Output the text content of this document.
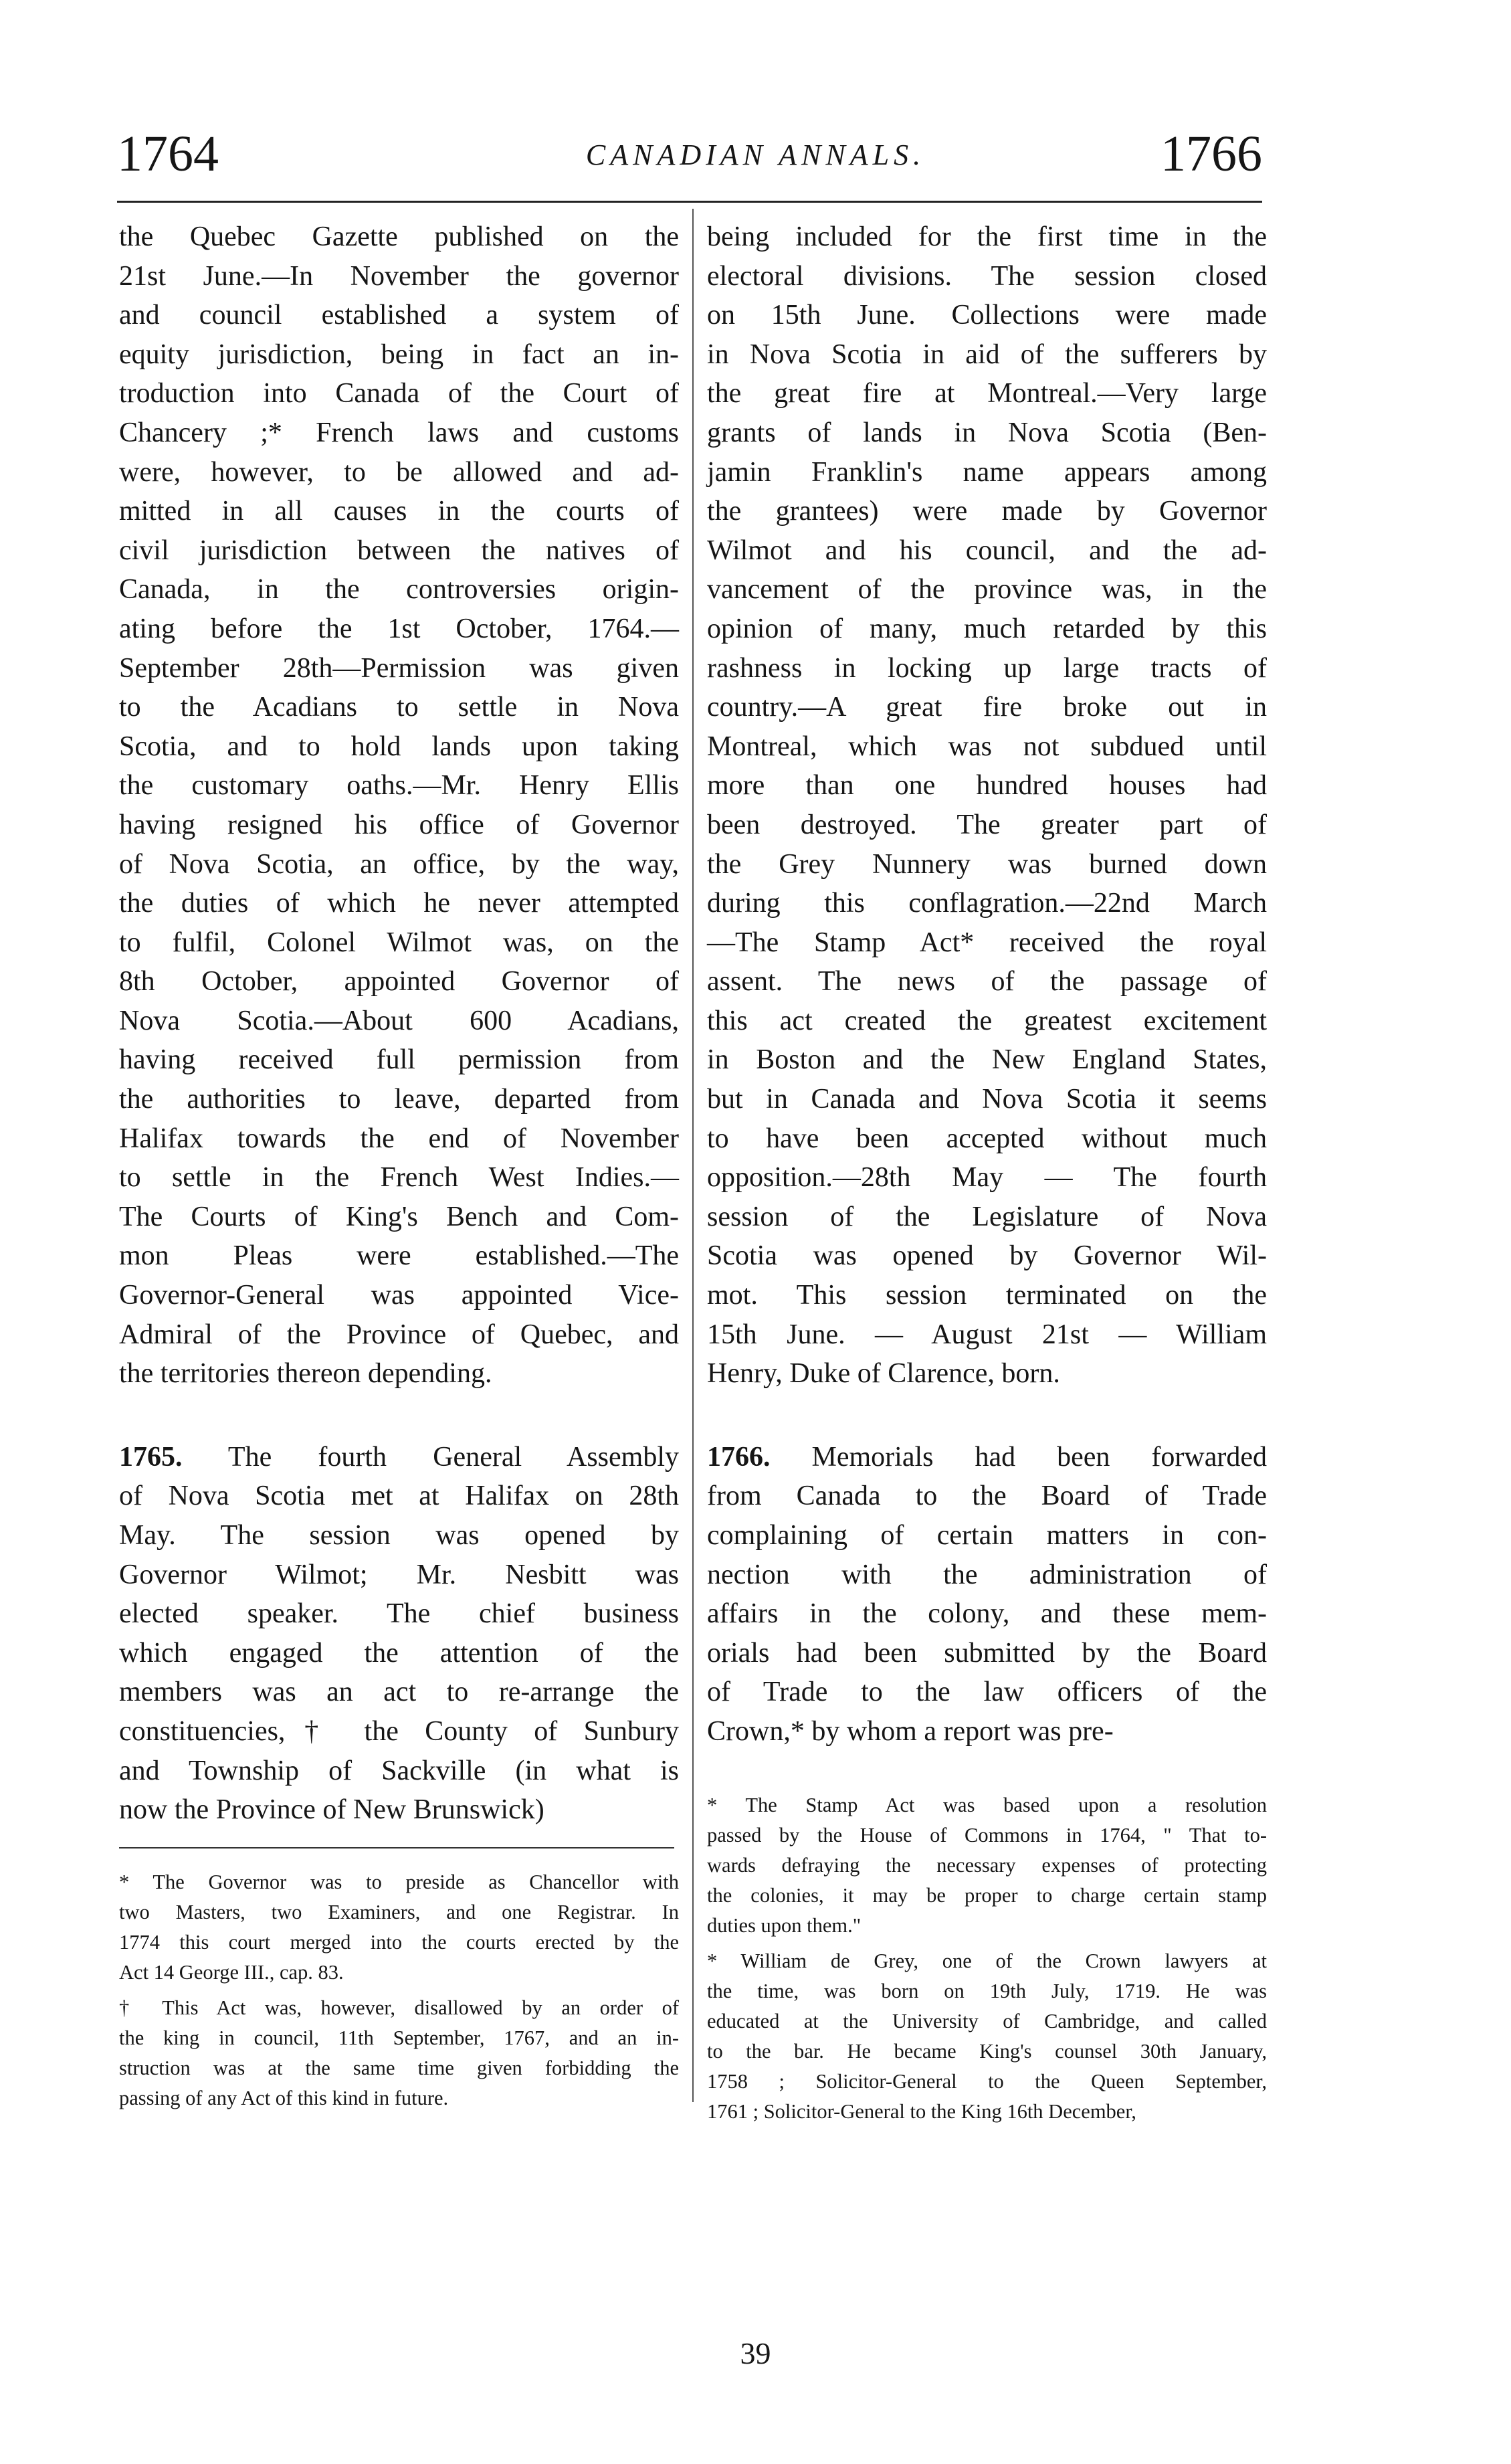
1764	CANADIAN ANNALS.	1766

the Quebec Gazette published on the
21st June.—In November the governor
and council established a system of
equity jurisdiction, being in fact an in-
troduction into Canada of the Court of
Chancery ;* French laws and customs
were, however, to be allowed and ad-
mitted in all causes in the courts of
civil jurisdiction between the natives of
Canada, in the controversies origin-
ating before the 1st October, 1764.—
September 28th—Permission was given
to the Acadians to settle in Nova
Scotia, and to hold lands upon taking
the customary oaths.—Mr. Henry Ellis
having resigned his office of Governor
of Nova Scotia, an office, by the way,
the duties of which he never attempted
to fulfil, Colonel Wilmot was, on the
8th October, appointed Governor of
Nova Scotia.—About 600 Acadians,
having received full permission from
the authorities to leave, departed from
Halifax towards the end of November
to settle in the French West Indies.—
The Courts of King's Bench and Com-
mon Pleas were established.—The
Governor-General was appointed Vice-
Admiral of the Province of Quebec, and
the territories thereon depending.

1765. The fourth General Assembly
of Nova Scotia met at Halifax on 28th
May. The session was opened by
Governor Wilmot; Mr. Nesbitt was
elected speaker. The chief business
which engaged the attention of the
members was an act to re-arrange the
constituencies,† the County of Sunbury
and Township of Sackville (in what is
now the Province of New Brunswick)

* The Governor was to preside as Chancellor with
two Masters, two Examiners, and one Registrar. In
1774 this court merged into the courts erected by the
Act 14 George III., cap. 83.

† This Act was, however, disallowed by an order of
the king in council, 11th September, 1767, and an in-
struction was at the same time given forbidding the
passing of any Act of this kind in future.

being included for the first time in the
electoral divisions. The session closed
on 15th June. Collections were made
in Nova Scotia in aid of the sufferers by
the great fire at Montreal.—Very large
grants of lands in Nova Scotia (Ben-
jamin Franklin's name appears among
the grantees) were made by Governor
Wilmot and his council, and the ad-
vancement of the province was, in the
opinion of many, much retarded by this
rashness in locking up large tracts of
country.—A great fire broke out in
Montreal, which was not subdued until
more than one hundred houses had
been destroyed. The greater part of
the Grey Nunnery was burned down
during this conflagration.—22nd March
—The Stamp Act* received the royal
assent. The news of the passage of
this act created the greatest excitement
in Boston and the New England States,
but in Canada and Nova Scotia it seems
to have been accepted without much
opposition.—28th May — The fourth
session of the Legislature of Nova
Scotia was opened by Governor Wil-
mot. This session terminated on the
15th June. — August 21st — William
Henry, Duke of Clarence, born.

1766. Memorials had been forwarded
from Canada to the Board of Trade
complaining of certain matters in con-
nection with the administration of
affairs in the colony, and these mem-
orials had been submitted by the Board
of Trade to the law officers of the
Crown,* by whom a report was pre-

* The Stamp Act was based upon a resolution
passed by the House of Commons in 1764, " That to-
wards defraying the necessary expenses of protecting
the colonies, it may be proper to charge certain stamp
duties upon them."

* William de Grey, one of the Crown lawyers at
the time, was born on 19th July, 1719. He was
educated at the University of Cambridge, and called
to the bar. He became King's counsel 30th January,
1758 ; Solicitor-General to the Queen September,
1761 ; Solicitor-General to the King 16th December,

39
